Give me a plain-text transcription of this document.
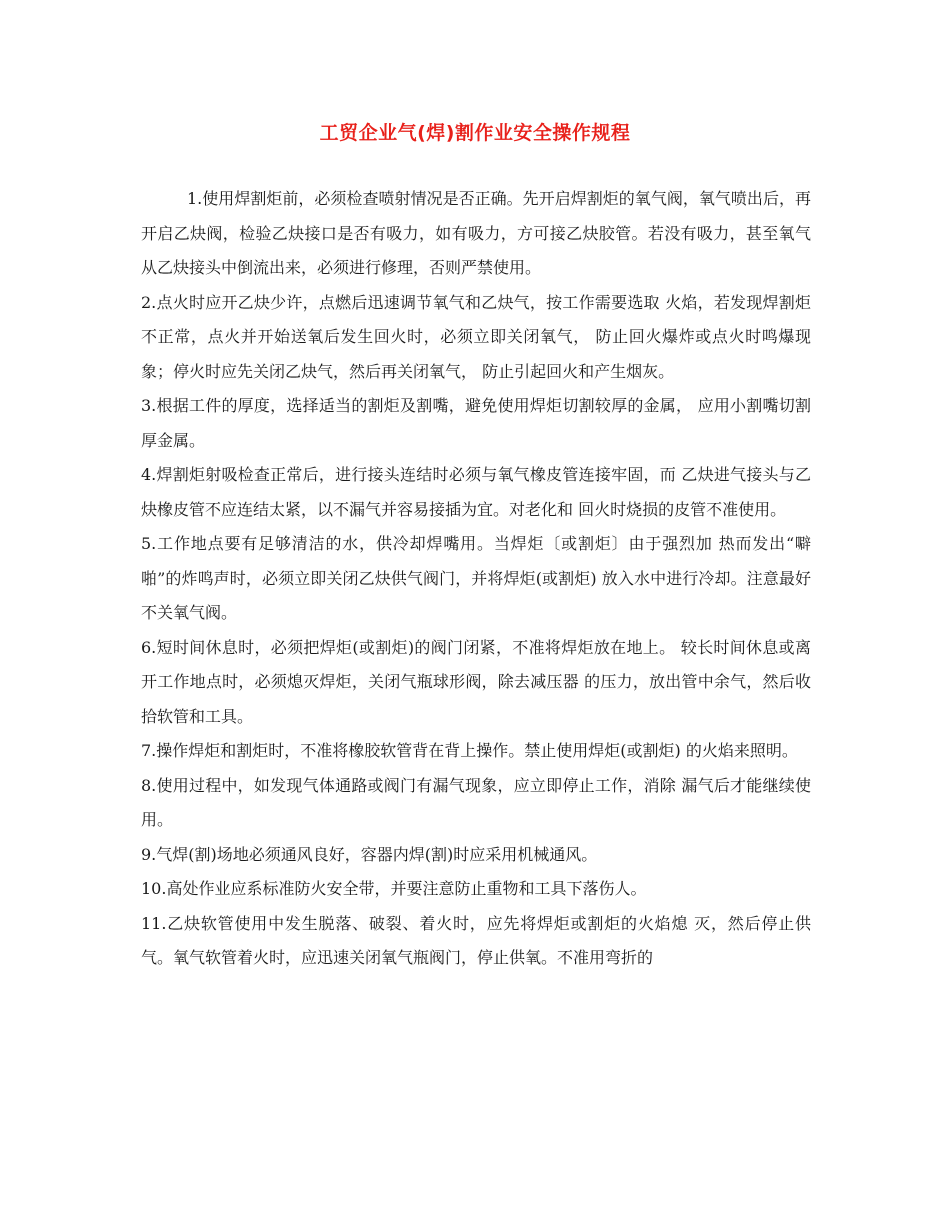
工贸企业气(焊)割作业安全操作规程

1.使用焊割炬前，必须检查喷射情况是否正确。先开启焊割炬的氧气阀，氧气喷出后，再开启乙炔阀，检验乙炔接口是否有吸力，如有吸力，方可接乙炔胶管。若没有吸力，甚至氧气从乙炔接头中倒流出来，必须进行修理，否则严禁使用。

2.点火时应开乙炔少许，点燃后迅速调节氧气和乙炔气，按工作需要选取 火焰，若发现焊割炬不正常，点火并开始送氧后发生回火时，必须立即关闭氧气， 防止回火爆炸或点火时鸣爆现象；停火时应先关闭乙炔气，然后再关闭氧气， 防止引起回火和产生烟灰。

3.根据工件的厚度，选择适当的割炬及割嘴，避免使用焊炬切割较厚的金属， 应用小割嘴切割厚金属。

4.焊割炬射吸检查正常后，进行接头连结时必须与氧气橡皮管连接牢固，而 乙炔进气接头与乙炔橡皮管不应连结太紧，以不漏气并容易接插为宜。对老化和 回火时烧损的皮管不准使用。

5.工作地点要有足够清洁的水，供冷却焊嘴用。当焊炬〔或割炬〕由于强烈加 热而发出“噼啪”的炸鸣声时，必须立即关闭乙炔供气阀门，并将焊炬(或割炬) 放入水中进行冷却。注意最好不关氧气阀。

6.短时间休息时，必须把焊炬(或割炬)的阀门闭紧，不准将焊炬放在地上。 较长时间休息或离开工作地点时，必须熄灭焊炬，关闭气瓶球形阀，除去减压器 的压力，放出管中余气，然后收拾软管和工具。

7.操作焊炬和割炬时，不准将橡胶软管背在背上操作。禁止使用焊炬(或割炬) 的火焰来照明。

8.使用过程中，如发现气体通路或阀门有漏气现象，应立即停止工作，消除 漏气后才能继续使用。

9.气焊(割)场地必须通风良好，容器内焊(割)时应采用机械通风。

10.高处作业应系标准防火安全带，并要注意防止重物和工具下落伤人。

11.乙炔软管使用中发生脱落、破裂、着火时，应先将焊炬或割炬的火焰熄 灭，然后停止供气。氧气软管着火时，应迅速关闭氧气瓶阀门，停止供氧。不准用弯折的
